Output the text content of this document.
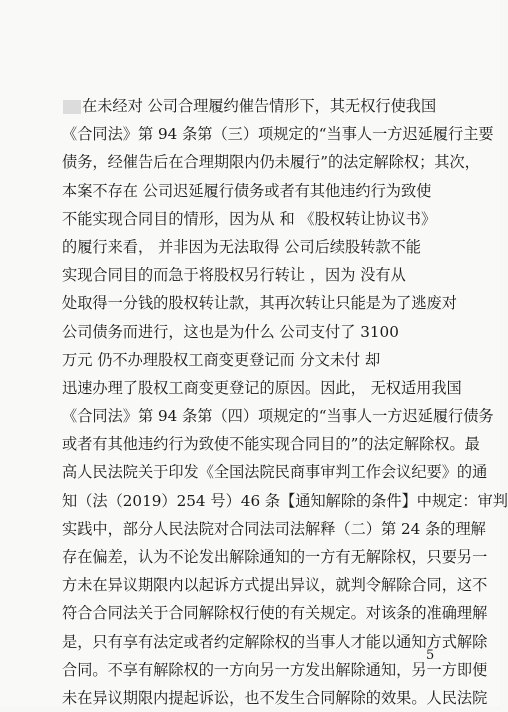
在未经对 公司合理履约催告情形下，其无权行使我国
《合同法》第 94 条第（三）项规定的“当事人一方迟延履行主要
债务，经催告后在合理期限内仍未履行”的法定解除权；其次，
本案不存在 公司迟延履行债务或者有其他违约行为致使
不能实现合同目的情形，因为从 和 《股权转让协议书》
的履行来看， 并非因为无法取得 公司后续股转款不能
实现合同目的而急于将股权另行转让 ，因为 没有从
处取得一分钱的股权转让款，其再次转让只能是为了逃废对
公司债务而进行，这也是为什么 公司支付了 3100
万元 仍不办理股权工商变更登记而 分文未付 却
迅速办理了股权工商变更登记的原因。因此， 无权适用我国
《合同法》第 94 条第（四）项规定的“当事人一方迟延履行债务
或者有其他违约行为致使不能实现合同目的”的法定解除权。最
高人民法院关于印发《全国法院民商事审判工作会议纪要》的通
知（法（2019）254 号）46 条【通知解除的条件】中规定：审判
实践中，部分人民法院对合同法司法解释（二）第 24 条的理解
存在偏差，认为不论发出解除通知的一方有无解除权，只要另一
方未在异议期限内以起诉方式提出异议，就判令解除合同，这不
符合合同法关于合同解除权行使的有关规定。对该条的准确理解
是，只有享有法定或者约定解除权的当事人才能以通知方式解除
合同。不享有解除权的一方向另一方发出解除通知，另一方即便
未在异议期限内提起诉讼，也不发生合同解除的效果。人民法院
5
